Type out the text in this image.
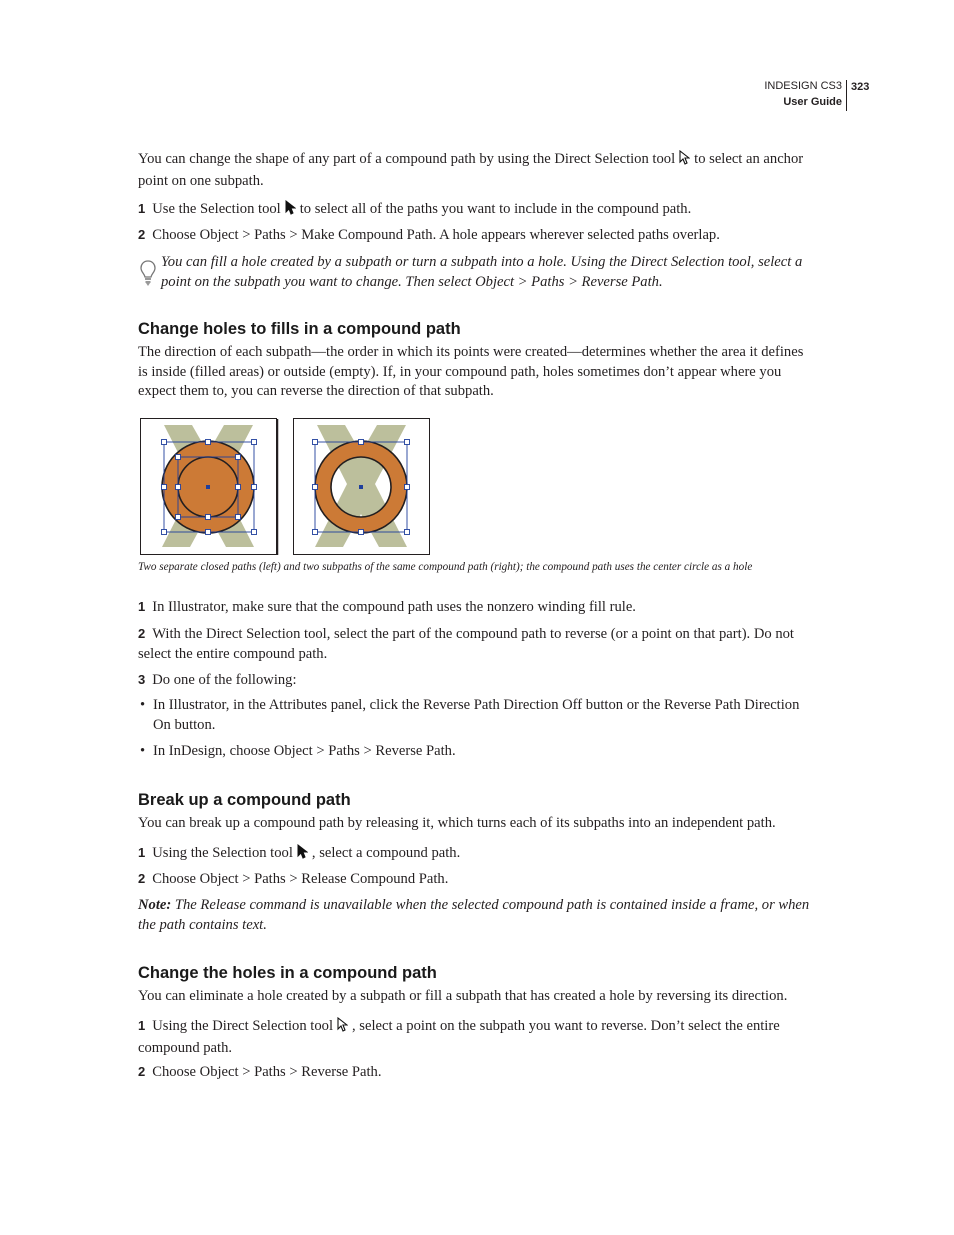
INDESIGN CS3
User Guide
323
You can change the shape of any part of a compound path by using the Direct Selection tool to select an anchor point on one subpath.
1 Use the Selection tool to select all of the paths you want to include in the compound path.
2 Choose Object > Paths > Make Compound Path. A hole appears wherever selected paths overlap.
You can fill a hole created by a subpath or turn a subpath into a hole. Using the Direct Selection tool, select a point on the subpath you want to change. Then select Object > Paths > Reverse Path.
Change holes to fills in a compound path
The direction of each subpath—the order in which its points were created—determines whether the area it defines is inside (filled areas) or outside (empty). If, in your compound path, holes sometimes don’t appear where you expect them to, you can reverse the direction of that subpath.
Two separate closed paths (left) and two subpaths of the same compound path (right); the compound path uses the center circle as a hole
1 In Illustrator, make sure that the compound path uses the nonzero winding fill rule.
2 With the Direct Selection tool, select the part of the compound path to reverse (or a point on that part). Do not select the entire compound path.
3 Do one of the following:
• In Illustrator, in the Attributes panel, click the Reverse Path Direction Off button or the Reverse Path Direction On button.
• In InDesign, choose Object > Paths > Reverse Path.
Break up a compound path
You can break up a compound path by releasing it, which turns each of its subpaths into an independent path.
1 Using the Selection tool , select a compound path.
2 Choose Object > Paths > Release Compound Path.
Note: The Release command is unavailable when the selected compound path is contained inside a frame, or when the path contains text.
Change the holes in a compound path
You can eliminate a hole created by a subpath or fill a subpath that has created a hole by reversing its direction.
1 Using the Direct Selection tool , select a point on the subpath you want to reverse. Don’t select the entire compound path.
2 Choose Object > Paths > Reverse Path.
